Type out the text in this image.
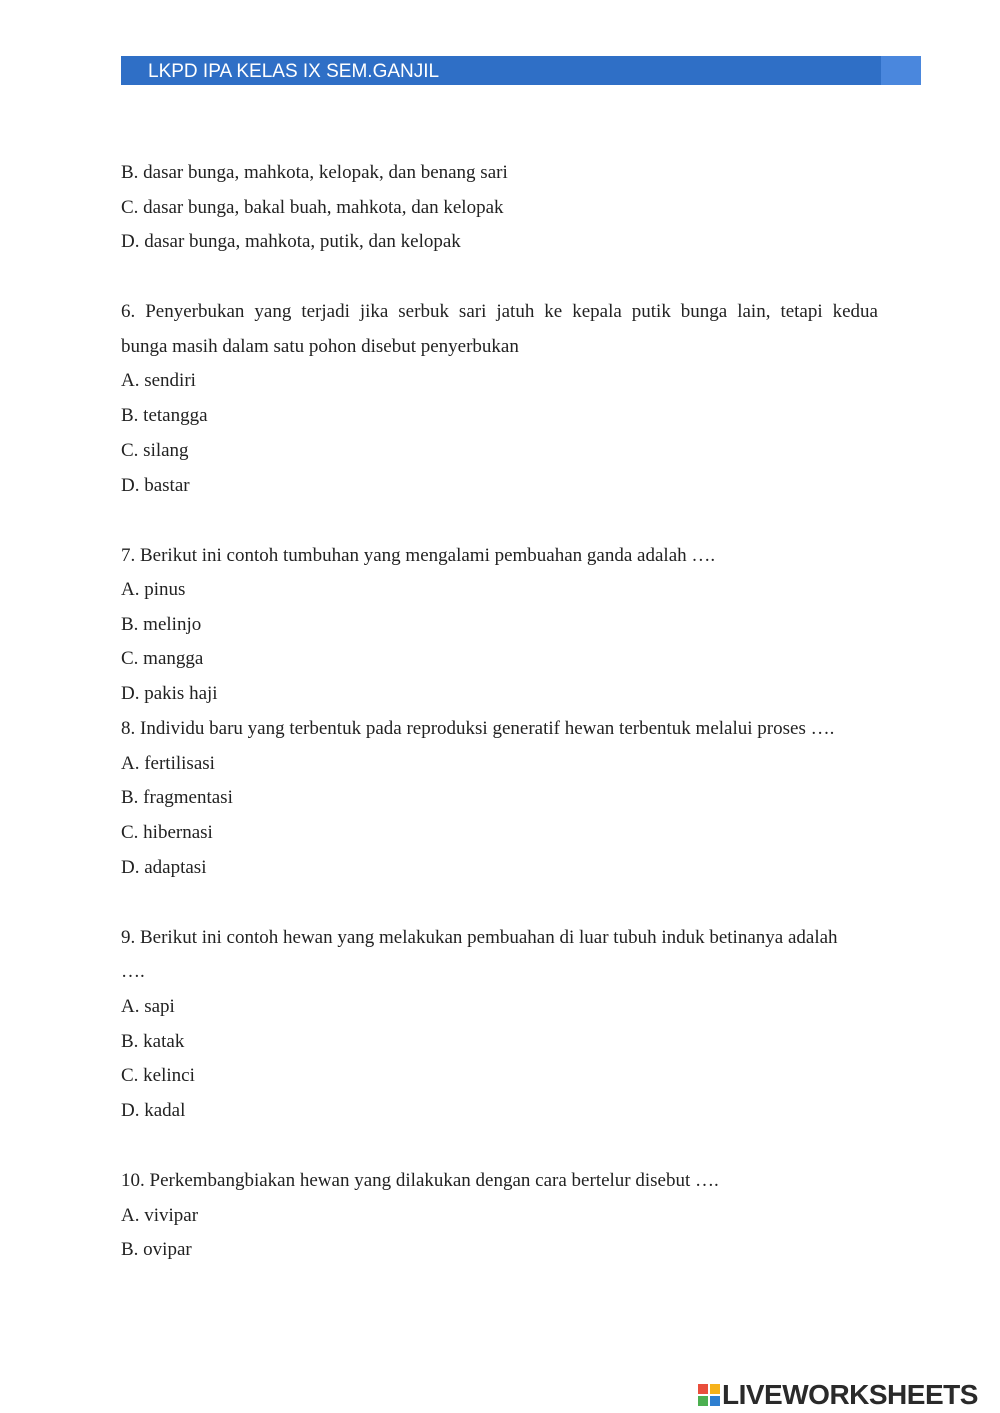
LKPD IPA KELAS IX SEM.GANJIL
B. dasar bunga, mahkota, kelopak, dan benang sari
C. dasar bunga, bakal buah, mahkota, dan kelopak
D. dasar bunga, mahkota, putik, dan kelopak
6. Penyerbukan yang terjadi jika serbuk sari jatuh ke kepala putik bunga lain, tetapi kedua
bunga masih dalam satu pohon disebut penyerbukan
A. sendiri
B. tetangga
C. silang
D. bastar
7. Berikut ini contoh tumbuhan yang mengalami pembuahan ganda adalah ….
A. pinus
B. melinjo
C. mangga
D. pakis haji
8. Individu baru yang terbentuk pada reproduksi generatif hewan terbentuk melalui proses ….
A. fertilisasi
B. fragmentasi
C. hibernasi
D. adaptasi
9. Berikut ini contoh hewan yang melakukan pembuahan di luar tubuh induk betinanya adalah
….
A. sapi
B. katak
C. kelinci
D. kadal
10. Perkembangbiakan hewan yang dilakukan dengan cara bertelur disebut ….
A. vivipar
B. ovipar
LIVEWORKSHEETS
